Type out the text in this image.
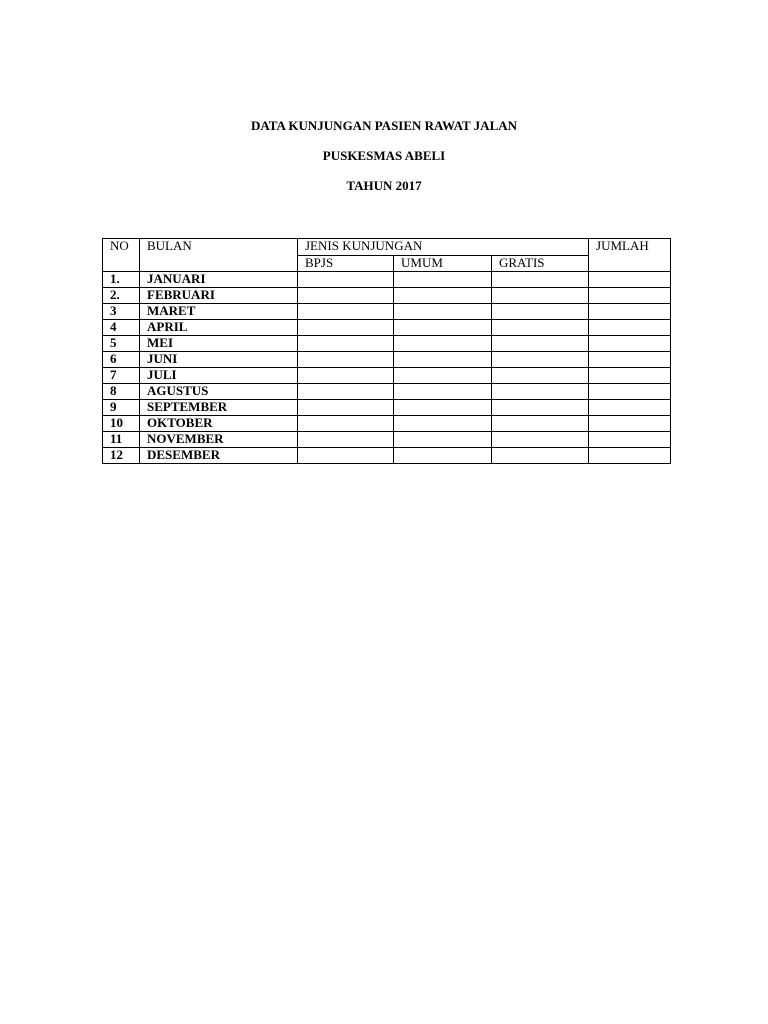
DATA KUNJUNGAN PASIEN RAWAT JALAN
PUSKESMAS ABELI
TAHUN 2017
NO	BULAN	JENIS KUNJUNGAN			JUMLAH
		BPJS	UMUM	GRATIS	
1.	JANUARI				
2.	FEBRUARI				
3	MARET				
4	APRIL				
5	MEI				
6	JUNI				
7	JULI				
8	AGUSTUS				
9	SEPTEMBER				
10	OKTOBER				
11	NOVEMBER				
12	DESEMBER				
